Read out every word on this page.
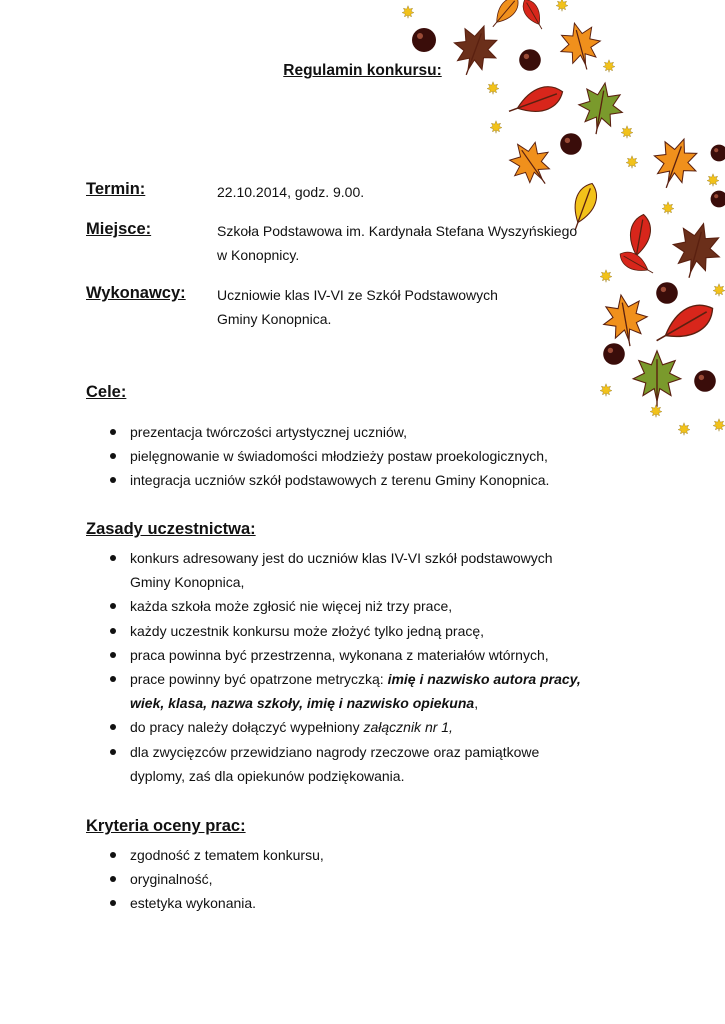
Regulamin konkursu:
Termin:	22.10.2014, godz. 9.00.
Miejsce:	Szkoła Podstawowa im. Kardynała Stefana Wyszyńskiego
w Konopnicy.
Wykonawcy: Uczniowie klas IV-VI ze Szkół Podstawowych
Gminy Konopnica.
Cele:
prezentacja twórczości artystycznej uczniów,
pielęgnowanie w świadomości młodzieży postaw proekologicznych,
integracja uczniów szkół podstawowych z terenu Gminy Konopnica.
Zasady uczestnictwa:
konkurs adresowany jest do uczniów klas IV-VI szkół podstawowych
Gminy Konopnica,
każda szkoła może zgłosić nie więcej niż trzy prace,
każdy uczestnik konkursu może złożyć tylko jedną pracę,
praca powinna być przestrzenna, wykonana z materiałów wtórnych,
prace powinny być opatrzone metryczką: imię i nazwisko autora pracy,
wiek, klasa, nazwa szkoły, imię i nazwisko opiekuna,
do pracy należy dołączyć wypełniony załącznik nr 1,
dla zwycięzców przewidziano nagrody rzeczowe oraz pamiątkowe
dyplomy, zaś dla opiekunów podziękowania.
Kryteria oceny prac:
zgodność z tematem konkursu,
oryginalność,
estetyka wykonania.
